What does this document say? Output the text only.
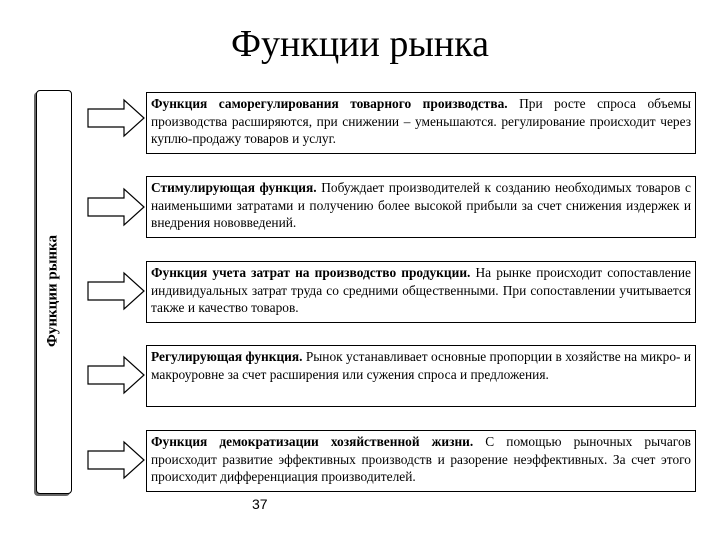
Функции рынка
Функции рынка
Функция саморегулирования товарного производства. При росте спроса объемы производства расширяются, при снижении – уменьшаются. регулирование происходит через куплю-продажу товаров и услуг.
Стимулирующая функция. Побуждает производителей к созданию необходимых товаров с наименьшими затратами и получению более высокой прибыли за счет снижения издержек и внедрения нововведений.
Функция учета затрат на производство продукции. На рынке происходит сопоставление индивидуальных затрат труда со средними общественными. При сопоставлении учитывается также и качество товаров.
Регулирующая функция. Рынок устанавливает основные пропорции в хозяйстве на микро- и макроуровне за счет расширения или сужения спроса и предложения.
Функция демократизации хозяйственной жизни. С помощью рыночных рычагов происходит развитие эффективных производств и разорение неэффективных. За счет этого происходит дифференциация производителей.
37
